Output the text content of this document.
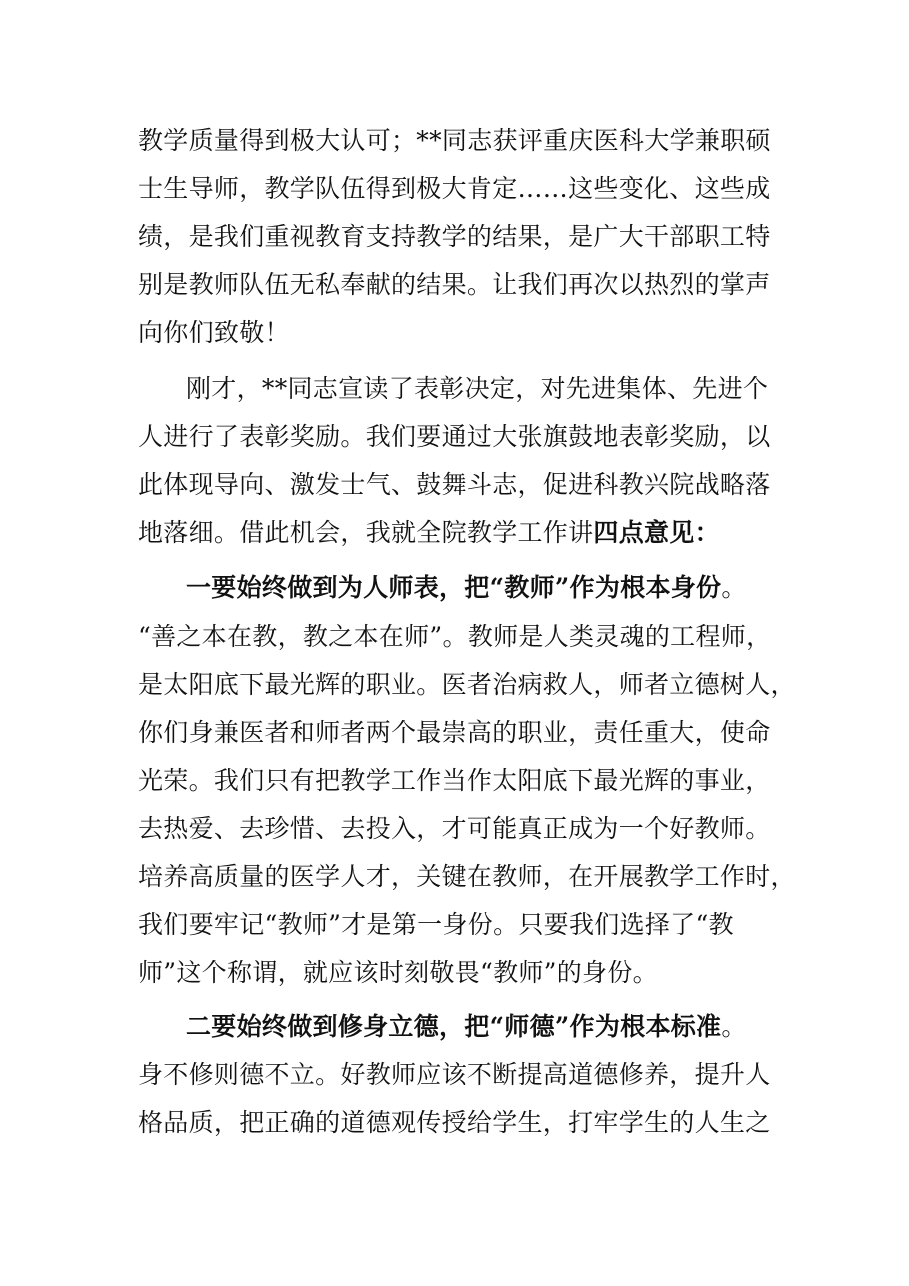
教学质量得到极大认可；**同志获评重庆医科大学兼职硕
士生导师，教学队伍得到极大肯定……这些变化、这些成
绩，是我们重视教育支持教学的结果，是广大干部职工特
别是教师队伍无私奉献的结果。让我们再次以热烈的掌声
向你们致敬！
刚才，**同志宣读了表彰决定，对先进集体、先进个
人进行了表彰奖励。我们要通过大张旗鼓地表彰奖励，以
此体现导向、激发士气、鼓舞斗志，促进科教兴院战略落
地落细。借此机会，我就全院教学工作讲四点意见：
一要始终做到为人师表，把“教师”作为根本身份。
“善之本在教，教之本在师”。教师是人类灵魂的工程师，
是太阳底下最光辉的职业。医者治病救人，师者立德树人，
你们身兼医者和师者两个最崇高的职业，责任重大，使命
光荣。我们只有把教学工作当作太阳底下最光辉的事业，
去热爱、去珍惜、去投入，才可能真正成为一个好教师。
培养高质量的医学人才，关键在教师，在开展教学工作时，
我们要牢记“教师”才是第一身份。只要我们选择了“教
师”这个称谓，就应该时刻敬畏“教师”的身份。
二要始终做到修身立德，把“师德”作为根本标准。
身不修则德不立。好教师应该不断提高道德修养，提升人
格品质，把正确的道德观传授给学生，打牢学生的人生之
